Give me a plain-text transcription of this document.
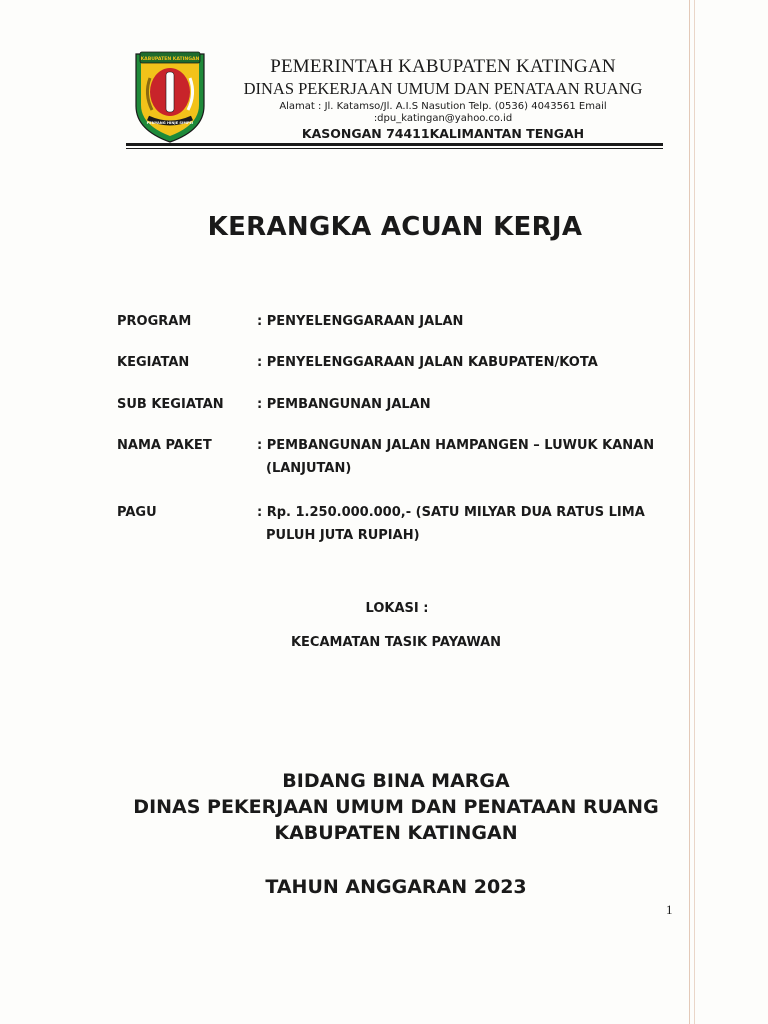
KABUPATEN KATINGAN
PENYANG HINJE SIMPEI
PEMERINTAH KABUPATEN KATINGAN
DINAS PEKERJAAN UMUM DAN PENATAAN RUANG
Alamat : Jl. Katamso/Jl. A.I.S Nasution Telp. (0536) 4043561 Email
:dpu_katingan@yahoo.co.id
KASONGAN 74411KALIMANTAN TENGAH
KERANGKA ACUAN KERJA
PROGRAM	: PENYELENGGARAAN JALAN
KEGIATAN	: PENYELENGGARAAN JALAN KABUPATEN/KOTA
SUB KEGIATAN	: PEMBANGUNAN JALAN
NAMA PAKET	: PEMBANGUNAN JALAN HAMPANGEN – LUWUK KANAN
(LANJUTAN)
PAGU	: Rp. 1.250.000.000,- (SATU MILYAR DUA RATUS LIMA
PULUH JUTA RUPIAH)
LOKASI :
KECAMATAN TASIK PAYAWAN
BIDANG BINA MARGA
DINAS PEKERJAAN UMUM DAN PENATAAN RUANG
KABUPATEN KATINGAN
TAHUN ANGGARAN 2023
1
